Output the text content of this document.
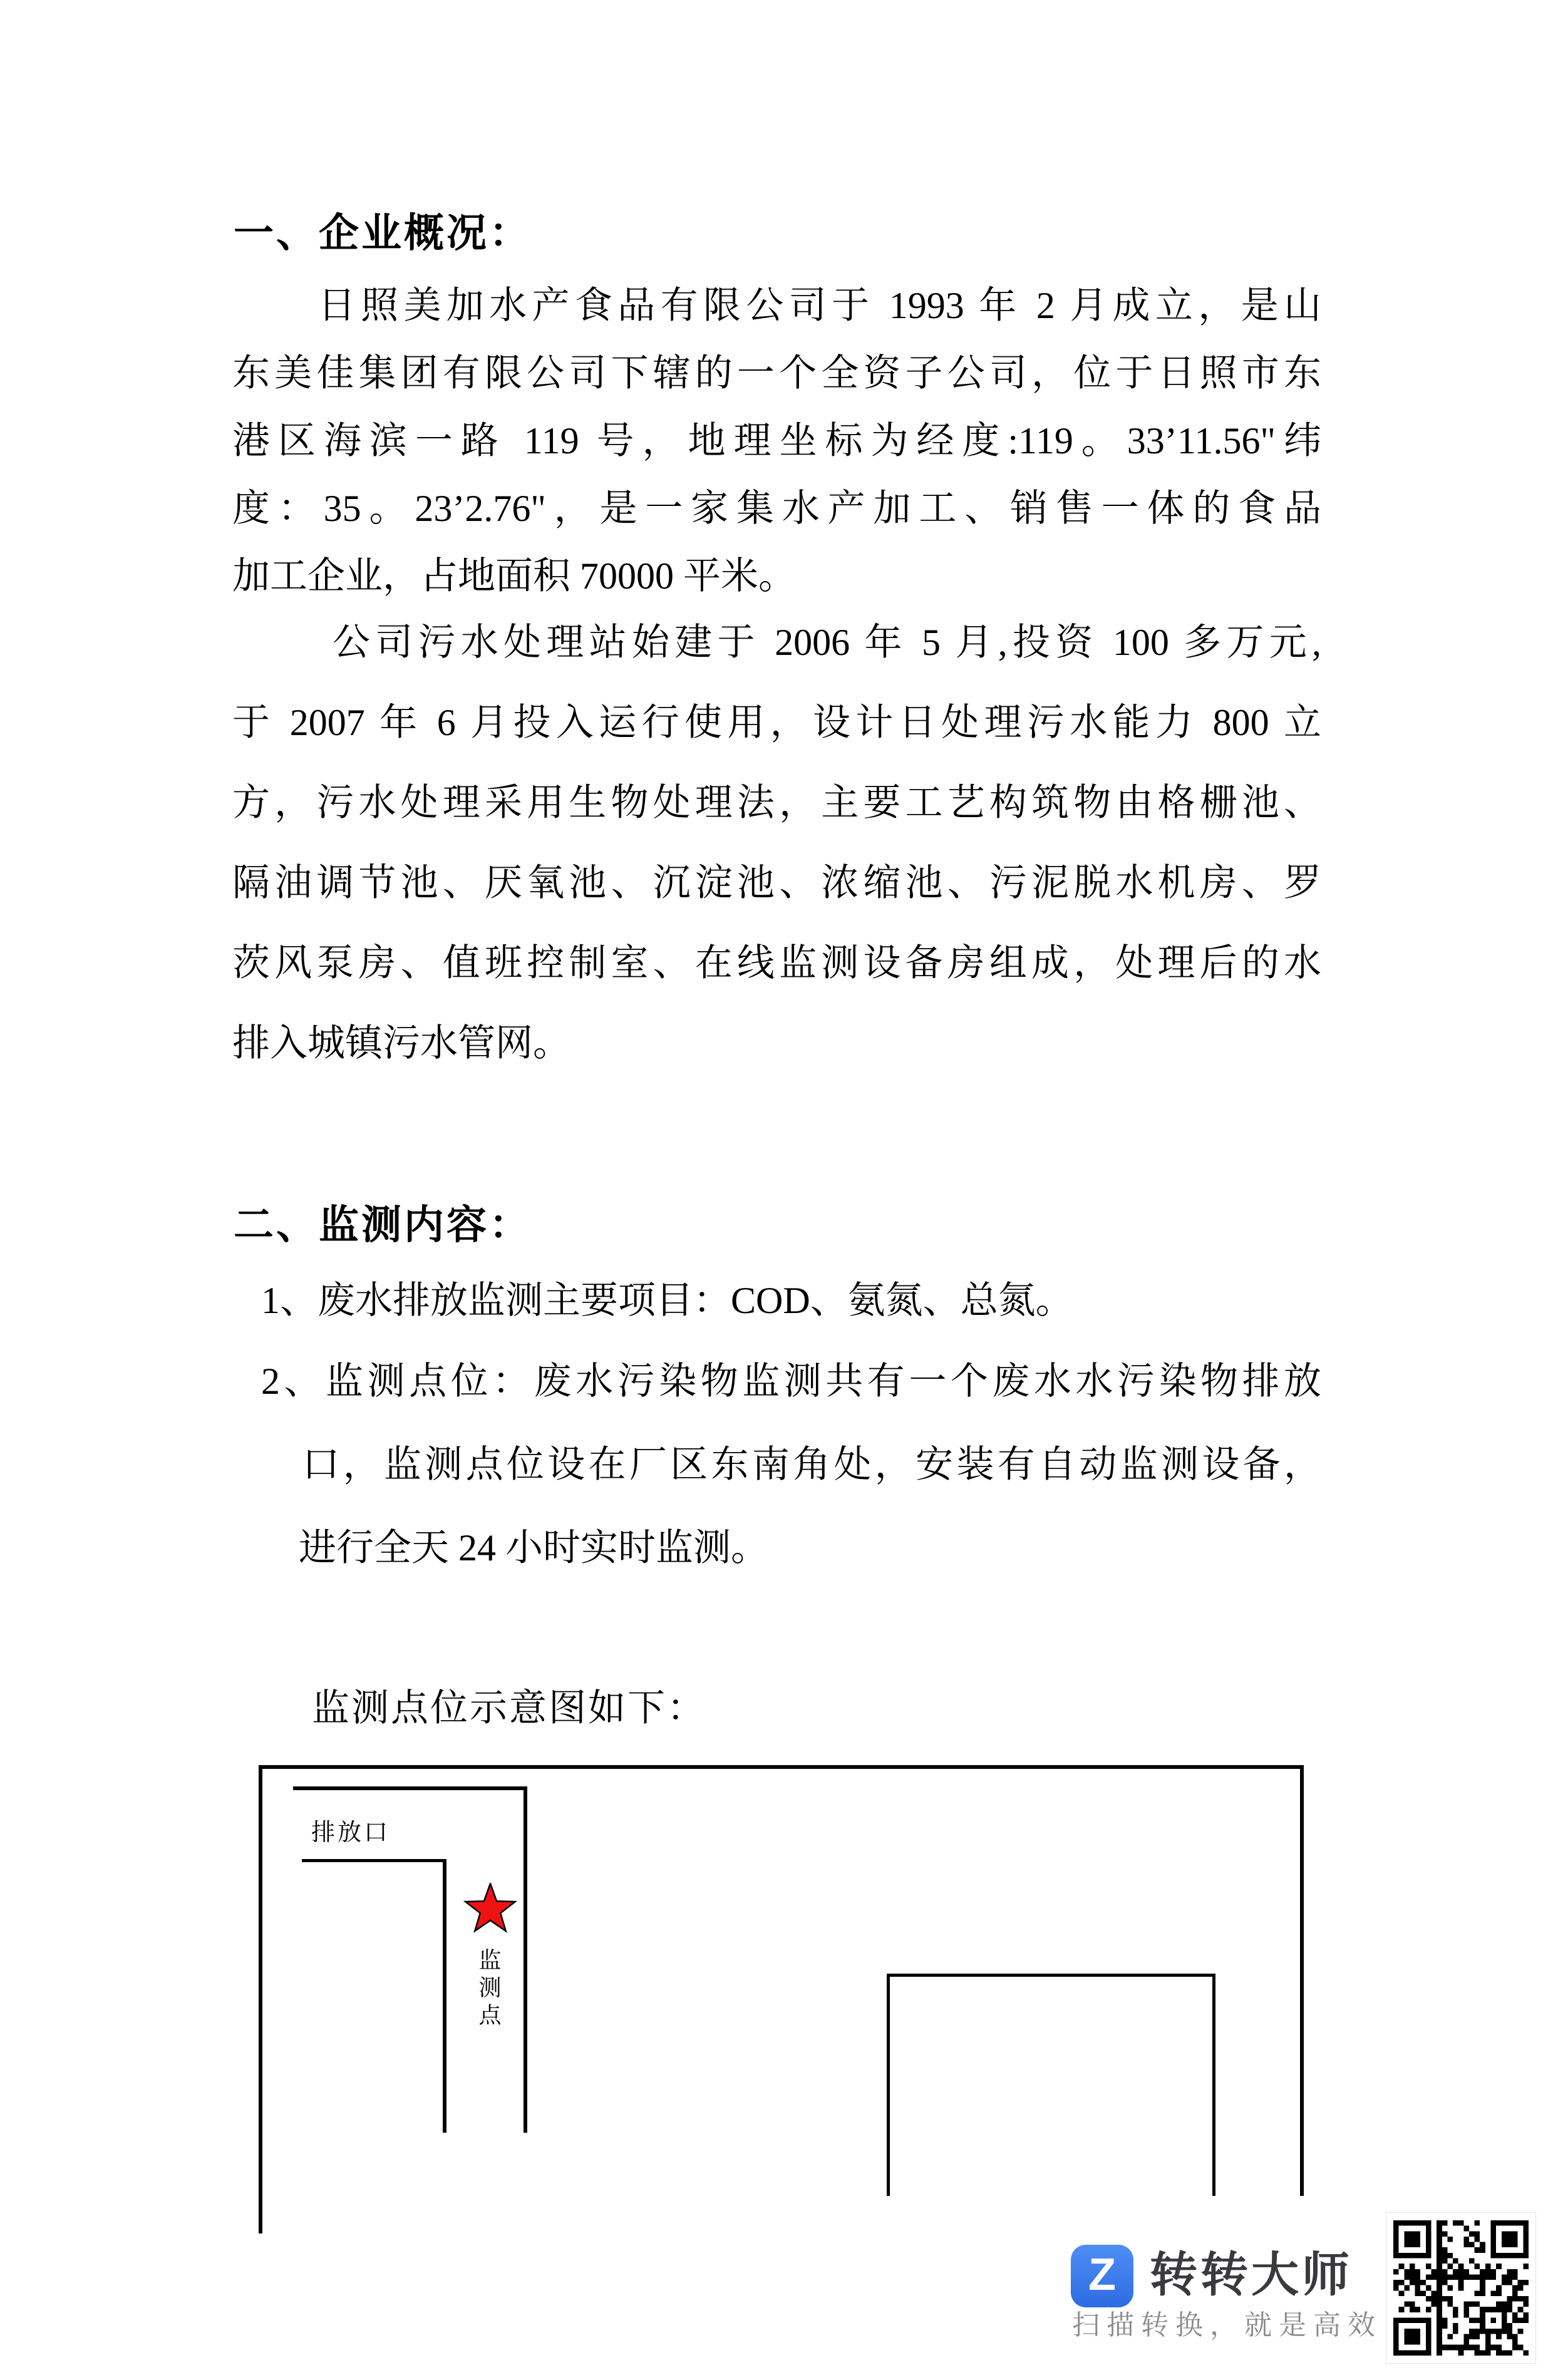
一、企业概况：
　　日照美加水产食品有限公司于 1993 年 2 月成立，是山
东美佳集团有限公司下辖的一个全资子公司，位于日照市东
港区海滨一路 119 号，地理坐标为经度:119。33’11.56"纬
度：35。23’2.76"，是一家集水产加工、销售一体的食品
加工企业，占地面积 70000 平米。
　　 公司污水处理站始建于 2006 年 5 月,投资 100 多万元,
于 2007 年 6 月投入运行使用，设计日处理污水能力 800 立
方，污水处理采用生物处理法，主要工艺构筑物由格栅池、
隔油调节池、厌氧池、沉淀池、浓缩池、污泥脱水机房、罗
茨风泵房、值班控制室、在线监测设备房组成，处理后的水
排入城镇污水管网。
二、监测内容：
1、废水排放监测主要项目：COD、氨氮、总氮。
2、监测点位：废水污染物监测共有一个废水水污染物排放
　口，监测点位设在厂区东南角处，安装有自动监测设备，
　进行全天 24 小时实时监测。
监测点位示意图如下：
排放口
监测点
Z 转转大师
扫描转换，就是高效
